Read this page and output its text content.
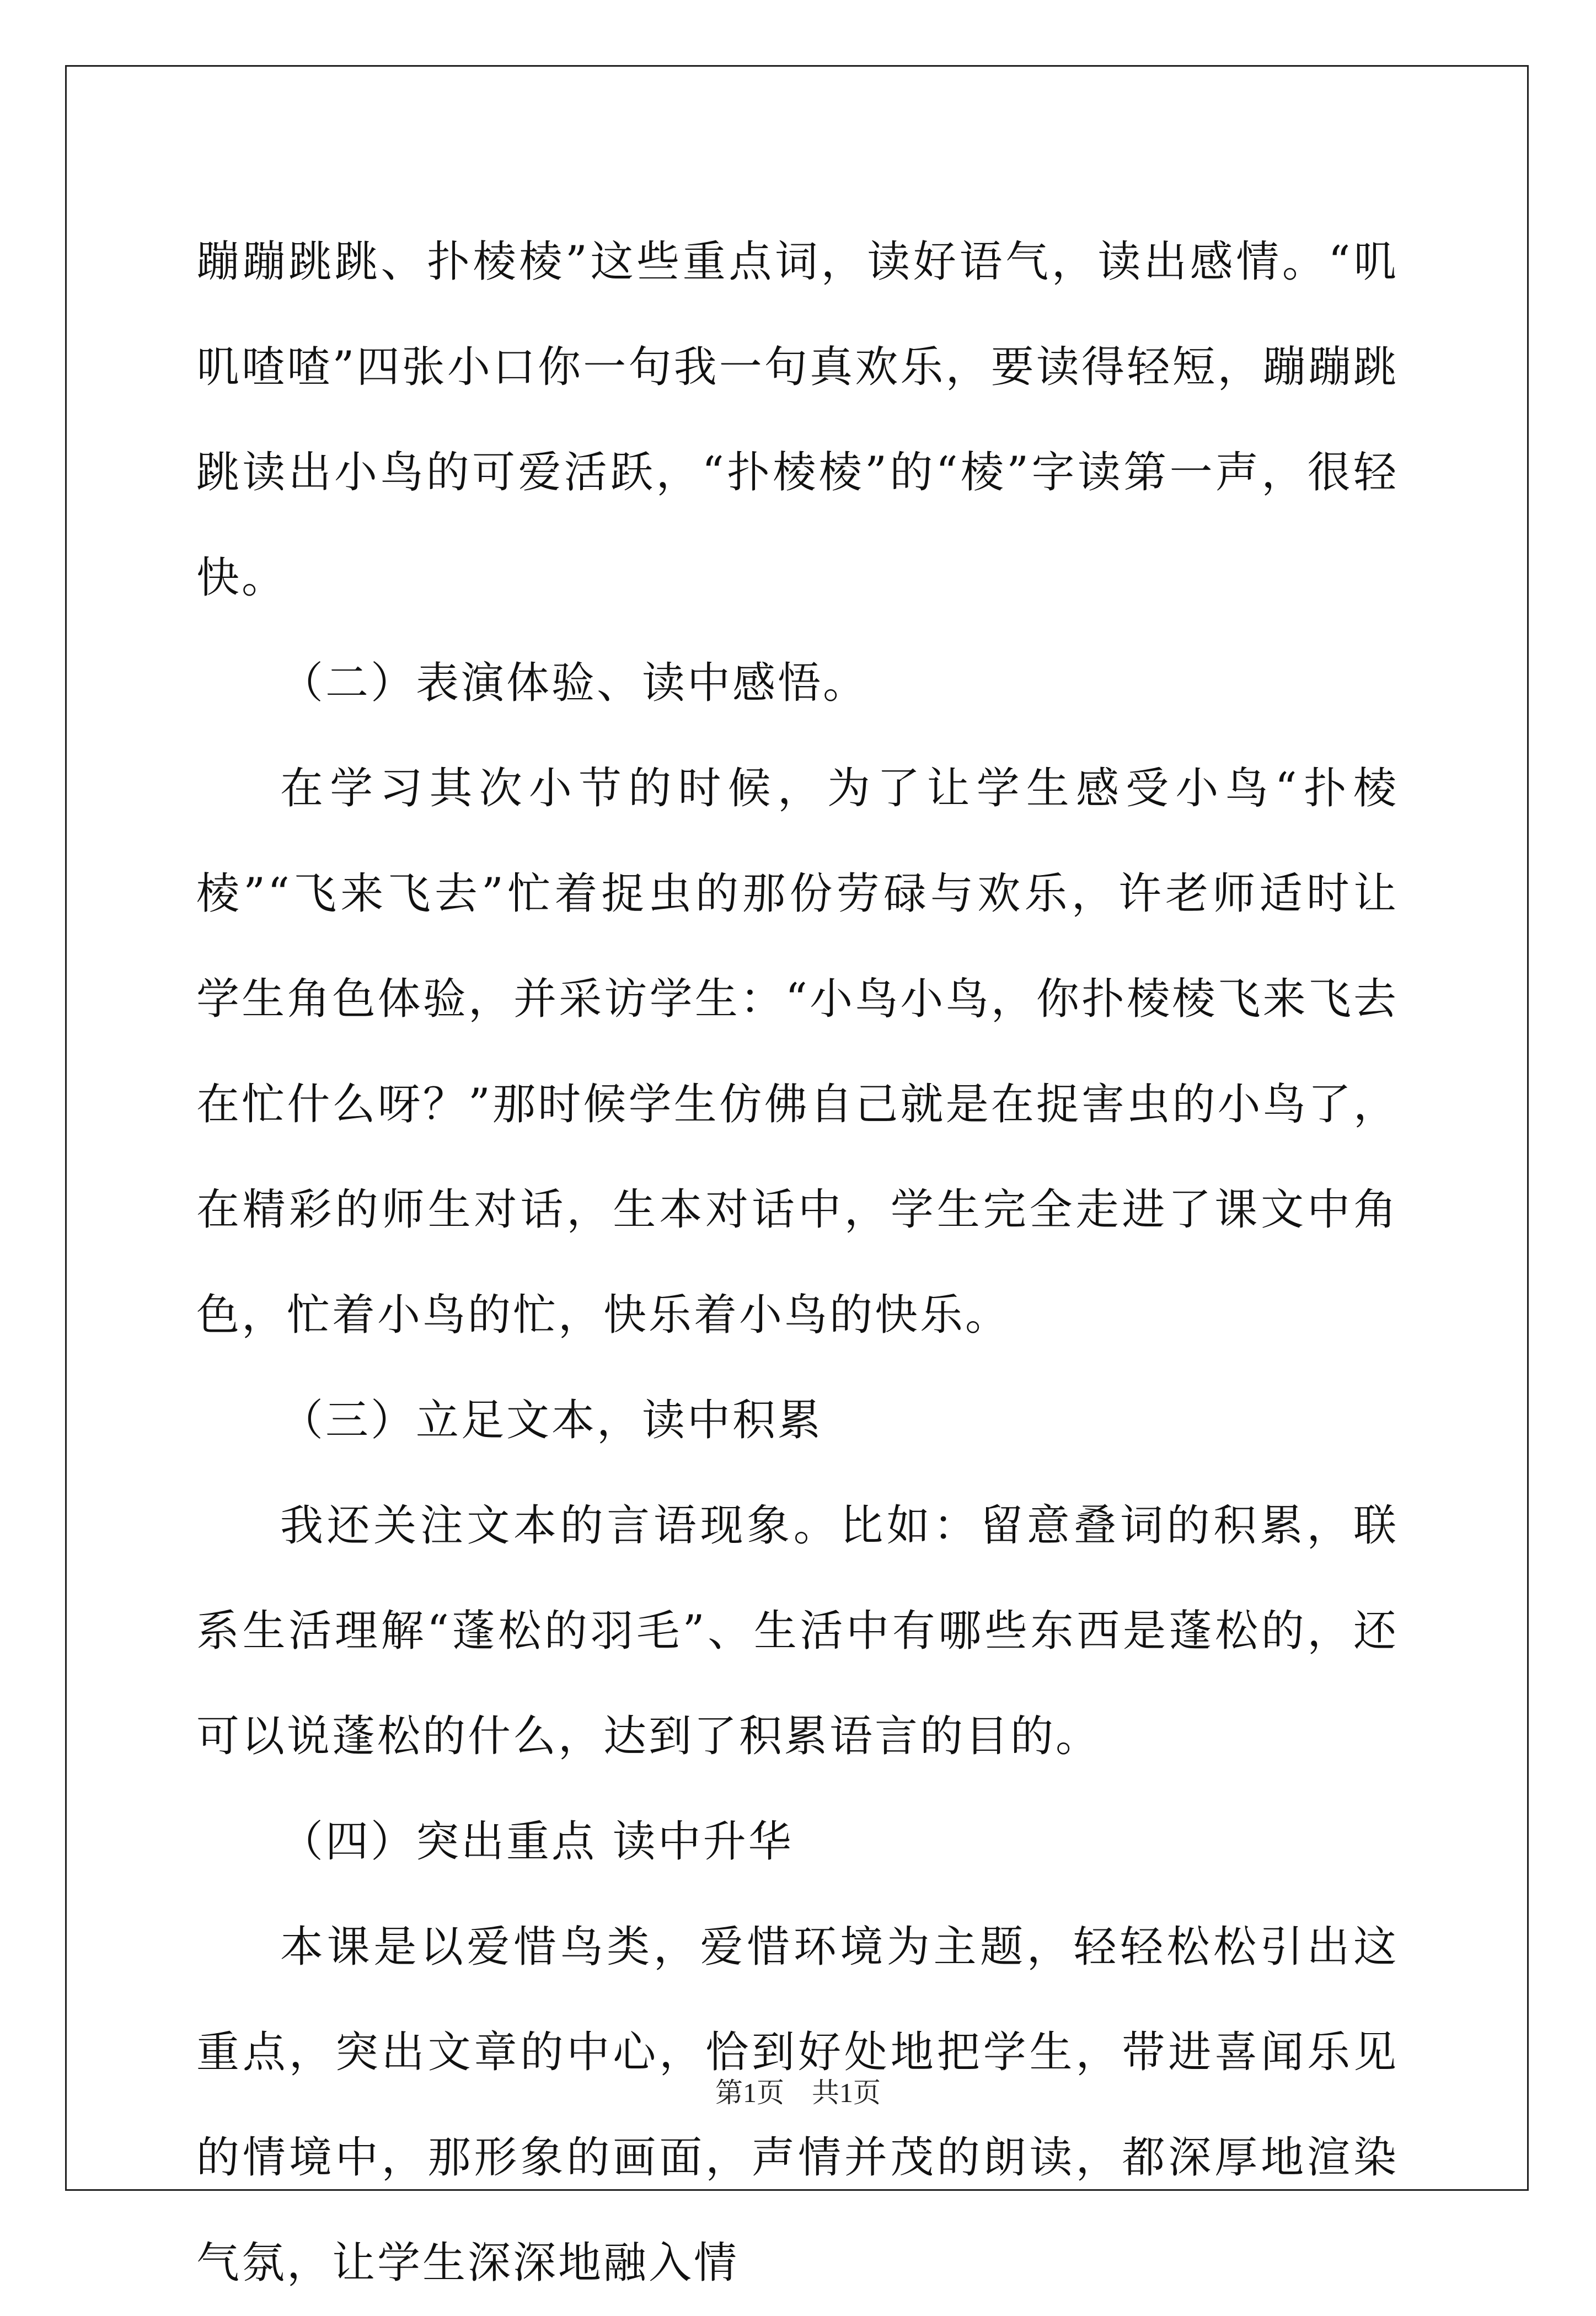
蹦蹦跳跳、扑棱棱”这些重点词，读好语气，读出感情。“叽叽喳喳”四张小口你一句我一句真欢乐，要读得轻短，蹦蹦跳跳读出小鸟的可爱活跃，“扑棱棱”的“棱”字读第一声，很轻快。

（二）表演体验、读中感悟。

在学习其次小节的时候，为了让学生感受小鸟“扑棱棱”“飞来飞去”忙着捉虫的那份劳碌与欢乐，许老师适时让学生角色体验，并采访学生：“小鸟小鸟，你扑棱棱飞来飞去在忙什么呀？”那时候学生仿佛自己就是在捉害虫的小鸟了，在精彩的师生对话，生本对话中，学生完全走进了课文中角色，忙着小鸟的忙，快乐着小鸟的快乐。

（三）立足文本，读中积累

我还关注文本的言语现象。比如：留意叠词的积累，联系生活理解“蓬松的羽毛”、生活中有哪些东西是蓬松的，还可以说蓬松的什么，达到了积累语言的目的。

（四）突出重点 读中升华

本课是以爱惜鸟类，爱惜环境为主题，轻轻松松引出这重点，突出文章的中心，恰到好处地把学生，带进喜闻乐见的情境中，那形象的画面，声情并茂的朗读，都深厚地渲染气氛，让学生深深地融入情

第1页 共1页
